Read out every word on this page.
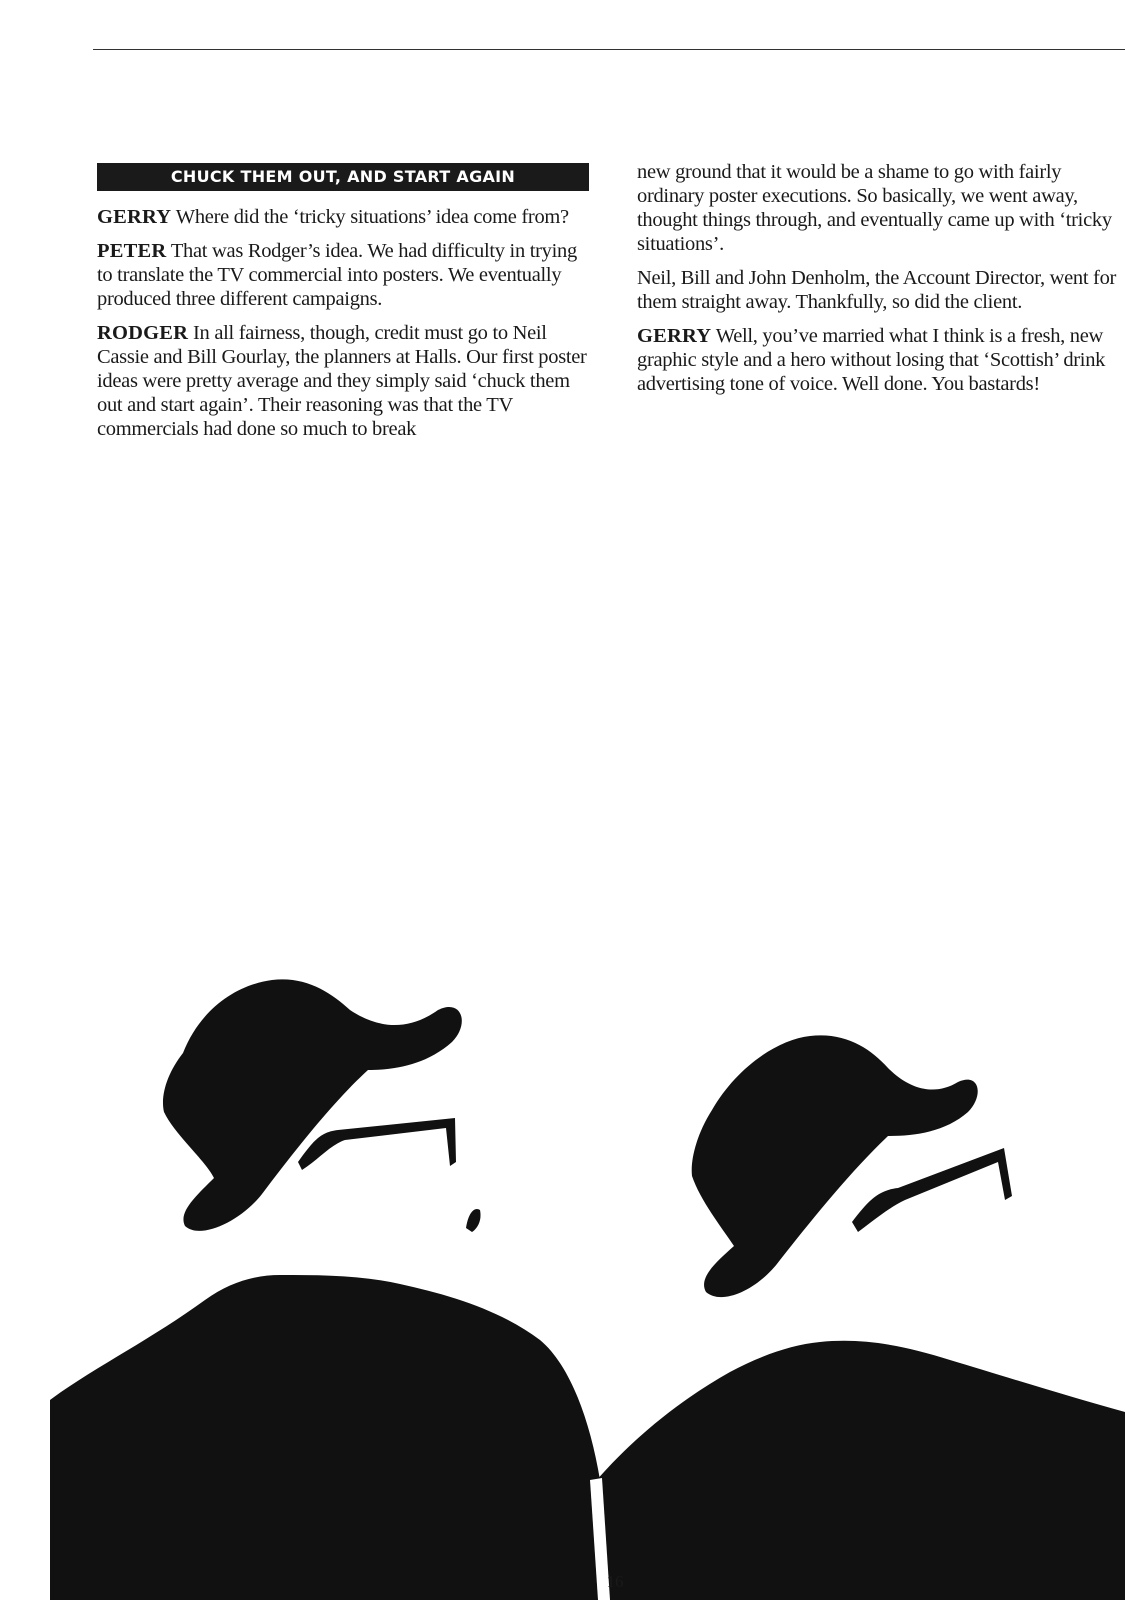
CHUCK THEM OUT, AND START AGAIN

GERRY Where did the ‘tricky situations’ idea come from?

PETER That was Rodger’s idea. We had difficulty in trying to translate the TV commercial into posters. We eventually produced three different campaigns.

RODGER In all fairness, though, credit must go to Neil Cassie and Bill Gourlay, the planners at Halls. Our first poster ideas were pretty average and they simply said ‘chuck them out and start again’. Their reasoning was that the TV commercials had done so much to break

new ground that it would be a shame to go with fairly ordinary poster executions. So basically, we went away, thought things through, and eventually came up with ‘tricky situations’.

Neil, Bill and John Denholm, the Account Director, went for them straight away. Thankfully, so did the client.

GERRY Well, you’ve married what I think is a fresh, new graphic style and a hero without losing that ‘Scottish’ drink advertising tone of voice. Well done. You bastards!

16
